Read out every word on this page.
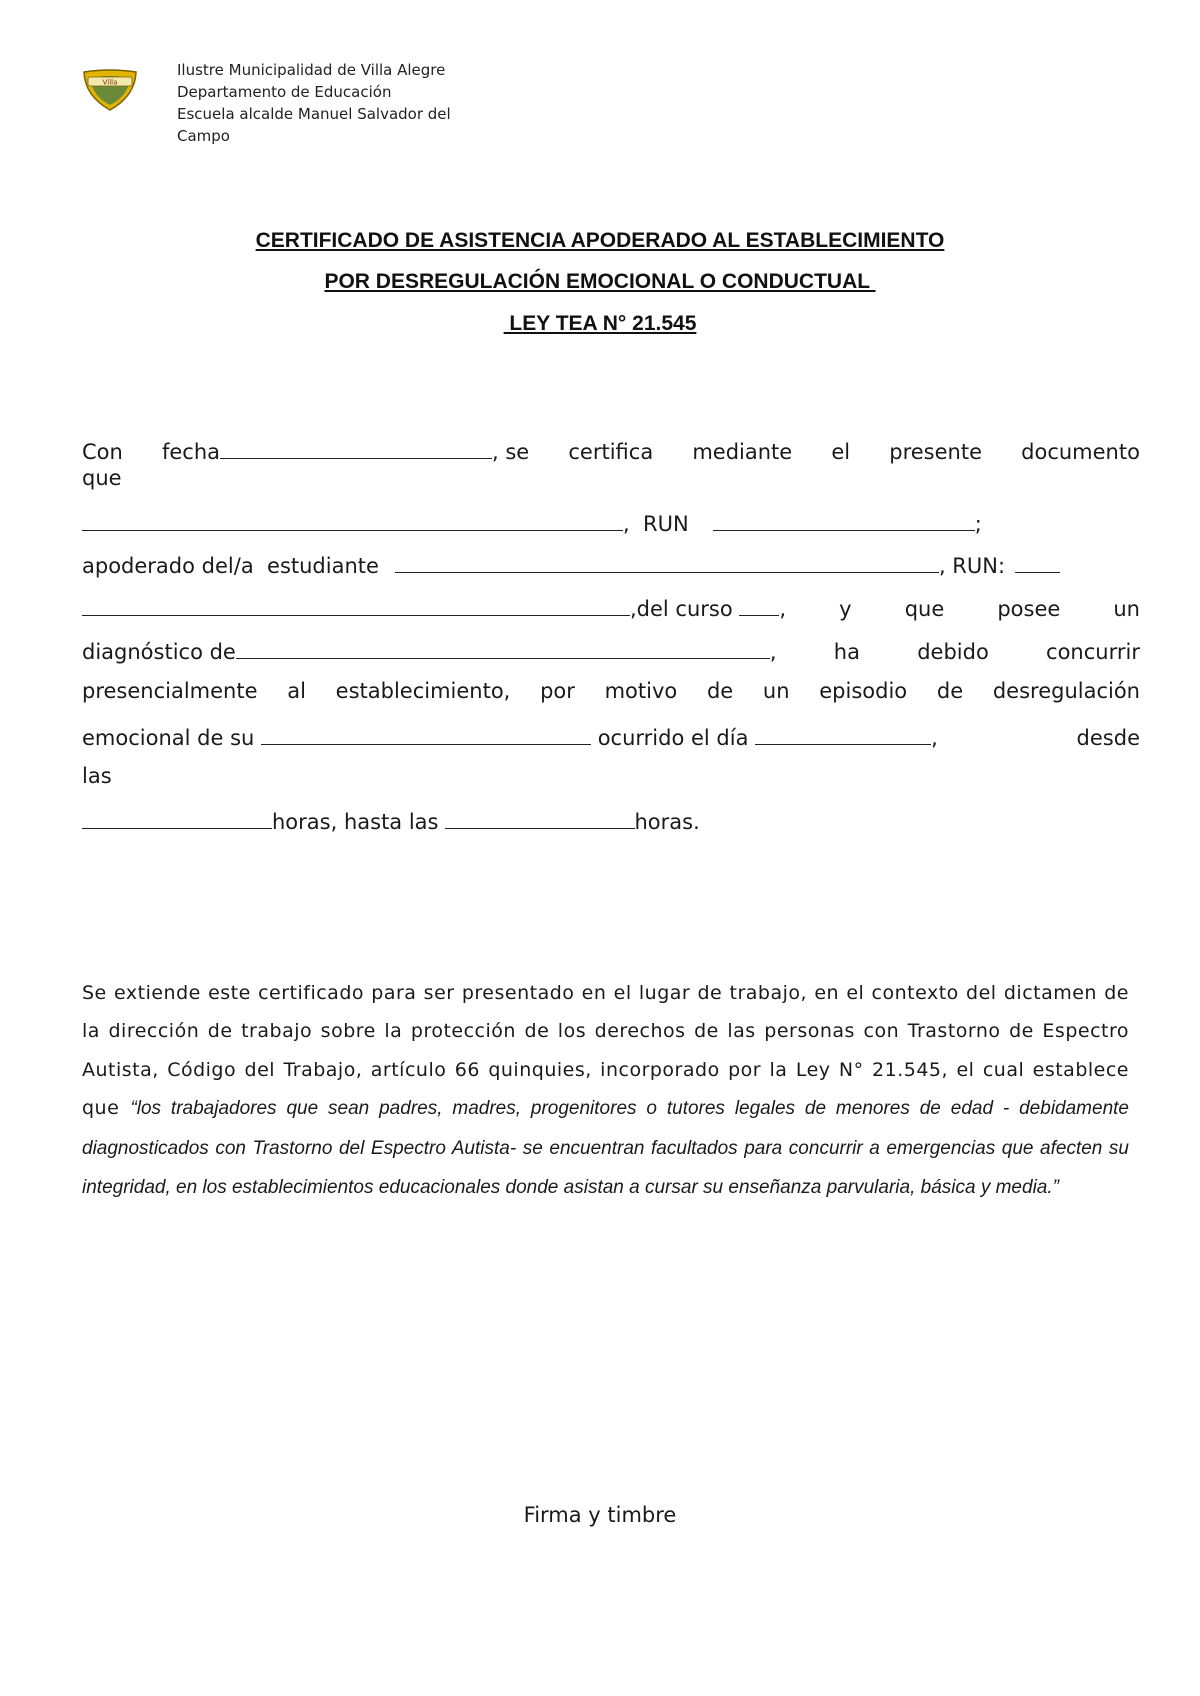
Villa
Ilustre Municipalidad de Villa Alegre
Departamento de Educación
Escuela alcalde Manuel Salvador del
Campo
CERTIFICADO DE ASISTENCIA APODERADO AL ESTABLECIMIENTO
POR DESREGULACIÓN EMOCIONAL O CONDUCTUAL
LEY TEA N° 21.545
Con fecha	, se certifica mediante el presente documento
que
,  RUN	;
apoderado del/a  estudiante	, RUN:
,del curso ,	y	que	posee	un
diagnóstico de	,	ha	debido	concurrir
presencialmente al establecimiento, por motivo de un episodio de desregulación
emocional de su	ocurrido el día	,	desde
las
horas, hasta las	horas.
Se extiende este certificado para ser presentado en el lugar de trabajo, en el contexto del dictamen de la dirección de trabajo sobre la protección de los derechos de las personas con Trastorno de Espectro Autista, Código del Trabajo, artículo 66 quinquies, incorporado por la Ley N° 21.545, el cual establece que “los trabajadores que sean padres, madres, progenitores o tutores legales de menores de edad - debidamente diagnosticados con Trastorno del Espectro Autista- se encuentran facultados para concurrir a emergencias que afecten su integridad, en los establecimientos educacionales donde asistan a cursar su enseñanza parvularia, básica y media.”
Firma y timbre
